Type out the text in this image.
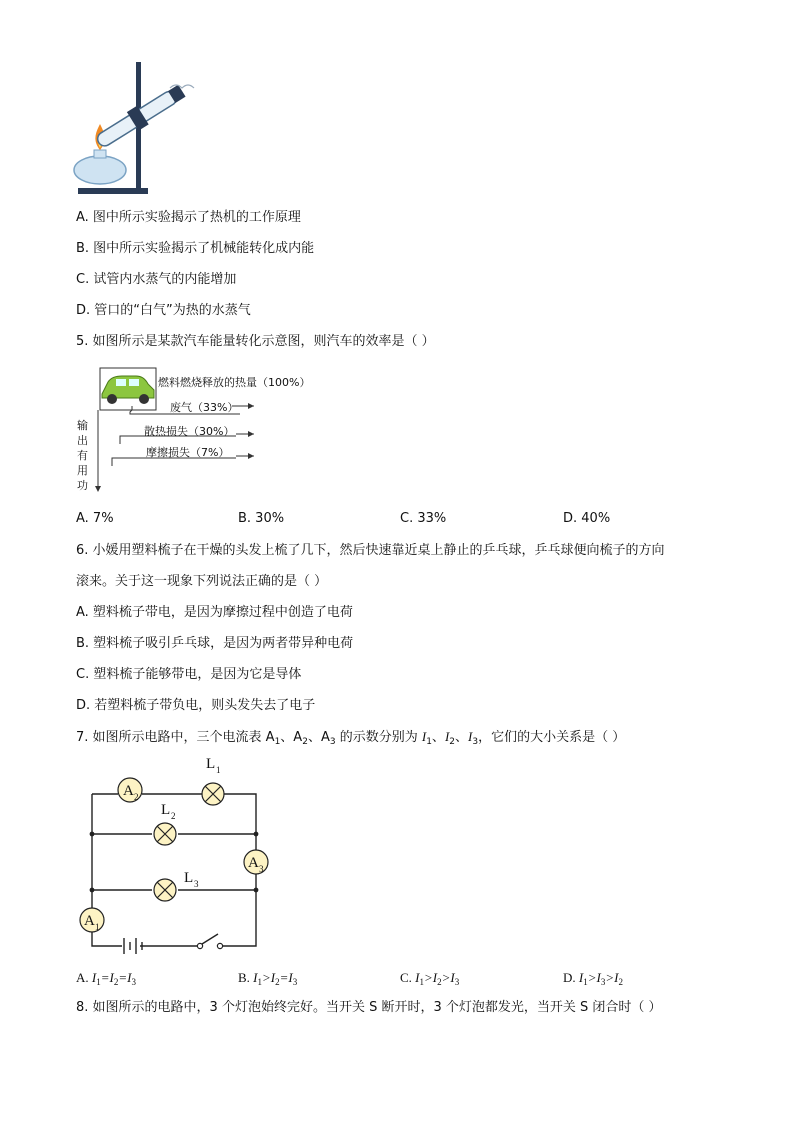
A. 图中所示实验揭示了热机的工作原理
B. 图中所示实验揭示了机械能转化成内能
C. 试管内水蒸气的内能增加
D. 管口的“白气”为热的水蒸气
5. 如图所示是某款汽车能量转化示意图，则汽车的效率是（ ）
燃料燃烧释放的热量（100%）
废气（33%）
散热损失（30%）
摩擦损失（7%）
输
出
有
用
功
A. 7%	B. 30%	C. 33%	D. 40%
6. 小媛用塑料梳子在干燥的头发上梳了几下，然后快速靠近桌上静止的乒乓球，乒乓球便向梳子的方向
滚来。关于这一现象下列说法正确的是（ ）
A. 塑料梳子带电，是因为摩擦过程中创造了电荷
B. 塑料梳子吸引乒乓球，是因为两者带异种电荷
C. 塑料梳子能够带电，是因为它是导体
D. 若塑料梳子带负电，则头发失去了电子
7. 如图所示电路中，三个电流表 $A_1$、$A_2$、$A_3$ 的示数分别为 $I_1$、$I_2$、$I_3$，它们的大小关系是（ ）
A 2
L 1
L 2
A 3
L 3
A 1
A. $I_1=I_2=I_3$	B. $I_1>I_2=I_3$	C. $I_1>I_2>I_3$	D. $I_1>I_3>I_2$
8. 如图所示的电路中，3 个灯泡始终完好。当开关 S 断开时，3 个灯泡都发光，当开关 S 闭合时（ ）
